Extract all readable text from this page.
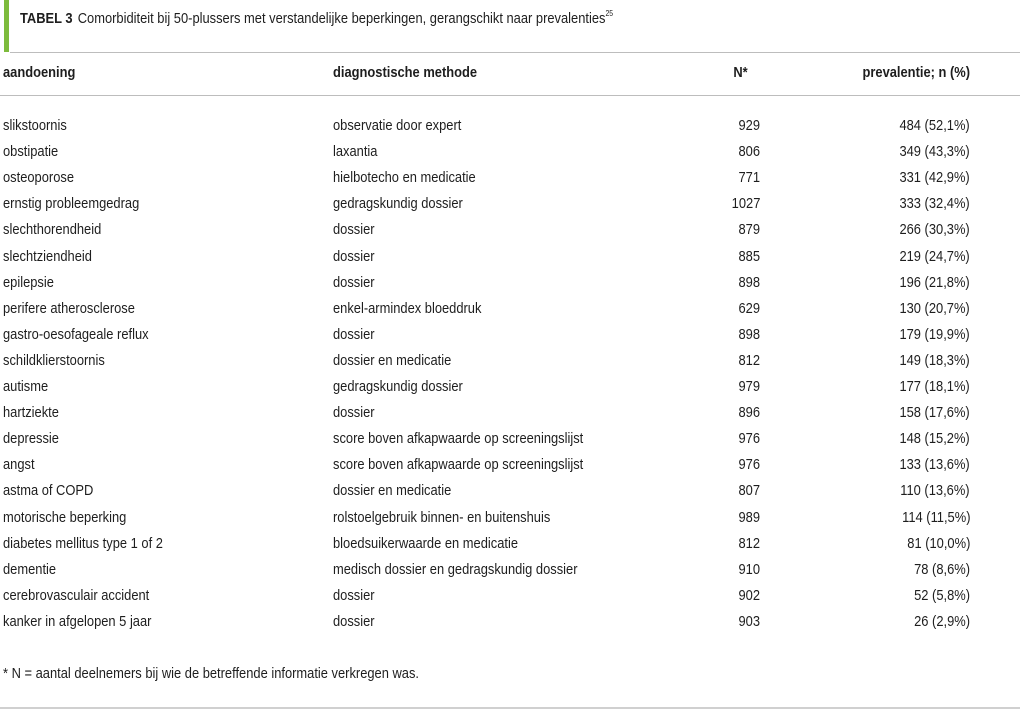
TABEL 3 Comorbiditeit bij 50-plussers met verstandelijke beperkingen, gerangschikt naar prevalenties$^{25}$
aandoening	diagnostische methode	N*	prevalentie; n (%)
slikstoornis	observatie door expert	929	484 (52,1%)
obstipatie	laxantia	806	349 (43,3%)
osteoporose	hielbotecho en medicatie	771	331 (42,9%)
ernstig probleemgedrag	gedragskundig dossier	1027	333 (32,4%)
slechthorendheid	dossier	879	266 (30,3%)
slechtziendheid	dossier	885	219 (24,7%)
epilepsie	dossier	898	196 (21,8%)
perifere atherosclerose	enkel-armindex bloeddruk	629	130 (20,7%)
gastro-oesofageale reflux	dossier	898	179 (19,9%)
schildklierstoornis	dossier en medicatie	812	149 (18,3%)
autisme	gedragskundig dossier	979	177 (18,1%)
hartziekte	dossier	896	158 (17,6%)
depressie	score boven afkapwaarde op screeningslijst	976	148 (15,2%)
angst	score boven afkapwaarde op screeningslijst	976	133 (13,6%)
astma of COPD	dossier en medicatie	807	110 (13,6%)
motorische beperking	rolstoelgebruik binnen- en buitenshuis	989	114 (11,5%)
diabetes mellitus type 1 of 2	bloedsuikerwaarde en medicatie	812	81 (10,0%)
dementie	medisch dossier en gedragskundig dossier	910	78 (8,6%)
cerebrovasculair accident	dossier	902	52 (5,8%)
kanker in afgelopen 5 jaar	dossier	903	26 (2,9%)
* N = aantal deelnemers bij wie de betreffende informatie verkregen was.
